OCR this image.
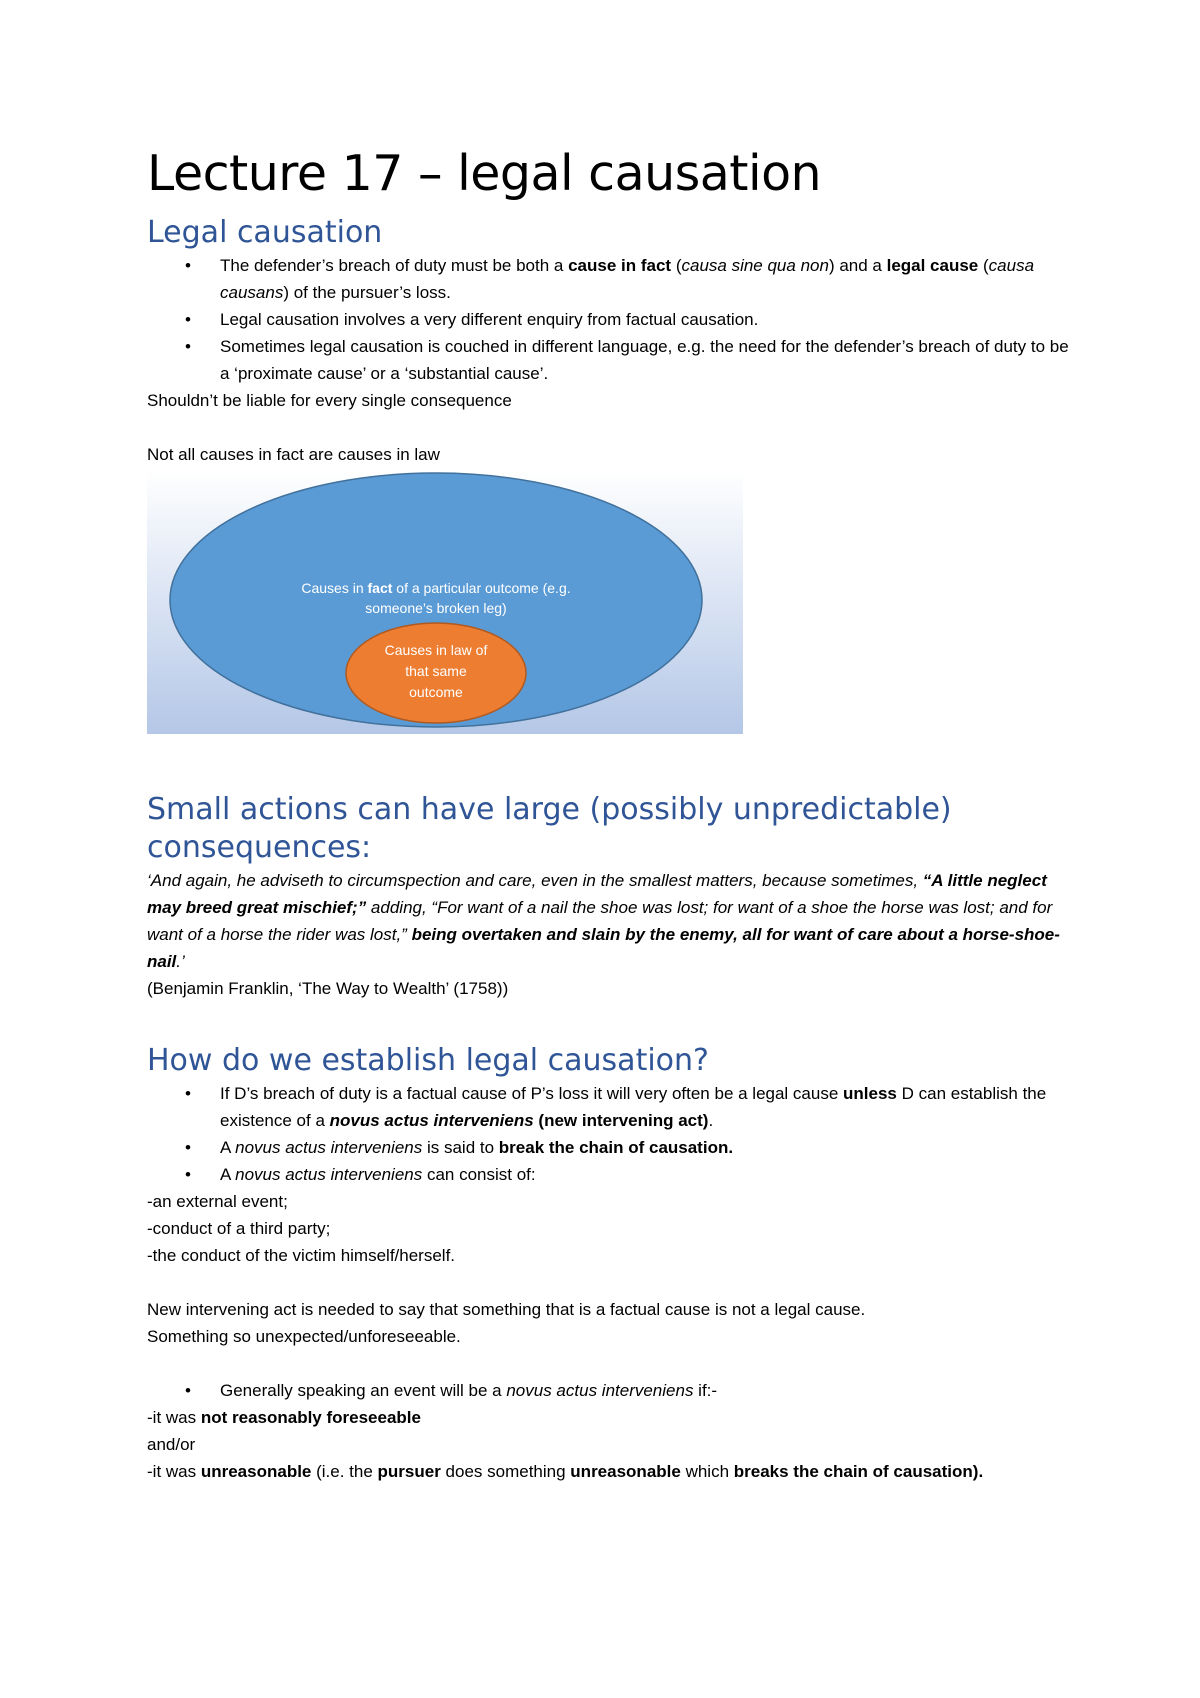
Lecture 17 – legal causation
Legal causation
• The defender’s breach of duty must be both a cause in fact (causa sine qua non) and a legal cause (causa causans) of the pursuer’s loss.
• Legal causation involves a very different enquiry from factual causation.
• Sometimes legal causation is couched in different language, e.g. the need for the defender’s breach of duty to be a ‘proximate cause’ or a ‘substantial cause’.

Shouldn’t be liable for every single consequence

Not all causes in fact are causes in law

Causes in fact of a particular outcome (e.g.
someone’s broken leg)
Causes in law of
that same
outcome
Small actions can have large (possibly unpredictable) consequences:

‘And again, he adviseth to circumspection and care, even in the smallest matters, because sometimes, “A little neglect may breed great mischief;” adding, “For want of a nail the shoe was lost; for want of a shoe the horse was lost; and for want of a horse the rider was lost,” being overtaken and slain by the enemy, all for want of care about a horse-shoe-nail.’

(Benjamin Franklin, ‘The Way to Wealth’ (1758))

How do we establish legal causation?
• If D’s breach of duty is a factual cause of P’s loss it will very often be a legal cause unless D can establish the existence of a novus actus interveniens (new intervening act).
• A novus actus interveniens is said to break the chain of causation.
• A novus actus interveniens can consist of:

-an external event;

-conduct of a third party;

-the conduct of the victim himself/herself.

New intervening act is needed to say that something that is a factual cause is not a legal cause.

Something so unexpected/unforeseeable.

• Generally speaking an event will be a novus actus interveniens if:-

-it was not reasonably foreseeable

and/or

-it was unreasonable (i.e. the pursuer does something unreasonable which breaks the chain of causation).
